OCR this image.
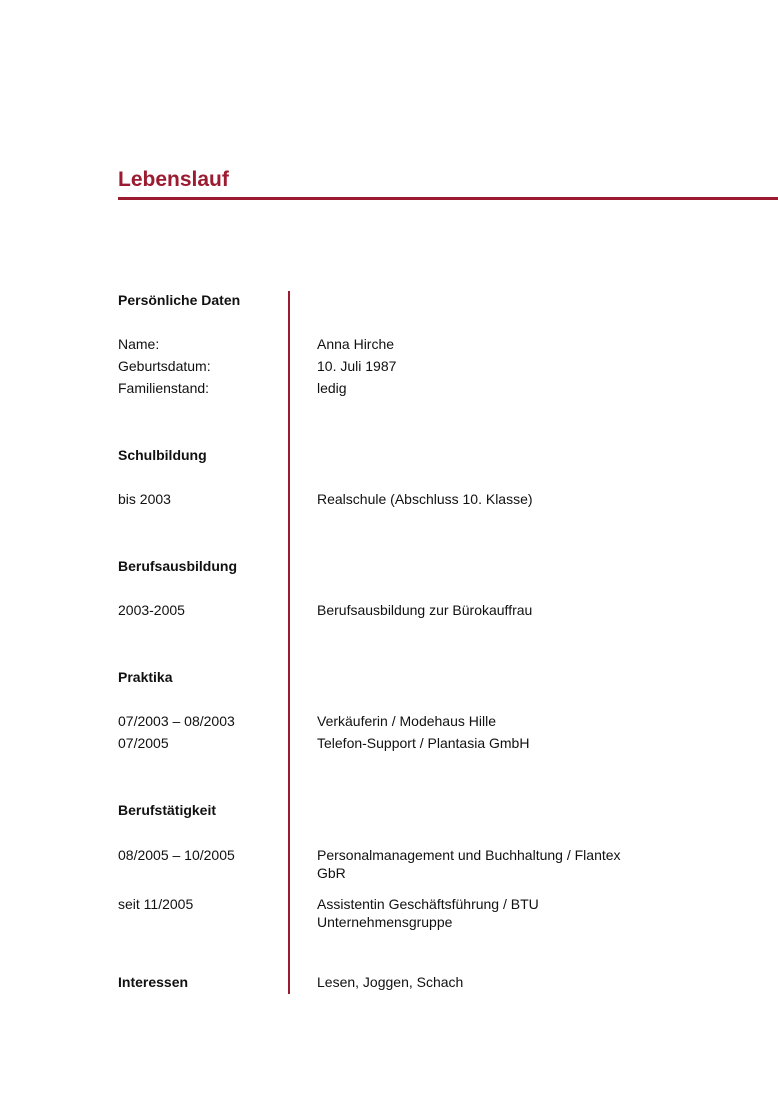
Lebenslauf
Persönliche Daten
Name:	Anna Hirche
Geburtsdatum:	10. Juli 1987
Familienstand:	ledig
Schulbildung
bis 2003	Realschule (Abschluss 10. Klasse)
Berufsausbildung
2003-2005	Berufsausbildung zur Bürokauffrau
Praktika
07/2003 – 08/2003	Verkäuferin / Modehaus Hille
07/2005	Telefon-Support / Plantasia GmbH
Berufstätigkeit
08/2005 – 10/2005	Personalmanagement und Buchhaltung / Flantex GbR
seit 11/2005	Assistentin Geschäftsführung / BTU Unternehmensgruppe
Interessen	Lesen, Joggen, Schach
